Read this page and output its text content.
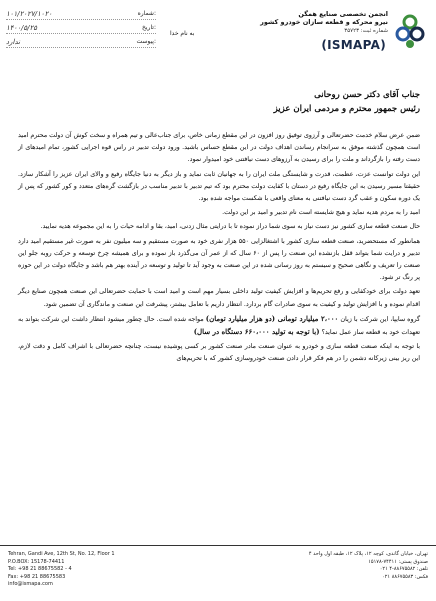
۱۰۱/۲۰۲۷/۱۰۲۰	شماره:
۱۴۰۰/۵/۲۵	تاریخ:
ندارد	پیوست:
به نام خدا
انجمن تخصصی صنایع همگن
نیرو محرکه و قطعه سازان خودرو کشور
شماره ثبت: ۳۵۷۲۳
(ISMAPA)
جناب آقای دکتر حسن روحانی
رئیس جمهور محترم و مردمی ایران عزیز

ضمن عرض سلام خدمت حضرتعالی و آرزوی توفیق روز افزون در این مقطع زمانی خاص، برای جناب‌عالی و تیم همراه و سخت کوش آن دولت محترم امید است همچون گذشته موفق به سرانجام رساندن اهداف دولت در این مقطع حساس باشید. ورود دولت تدبیر در راس قوه اجرایی کشور، تمام امیدهای از دست رفته را بازگرداند و ملت را برای رسیدن به آرزوهای دست نیافتنی خود امیدوار نمود.

این دولت توانست عزت، عظمت، قدرت و شایستگی ملت ایران را به جهانیان ثابت نماید و باز دیگر به دنیا جایگاه رفیع و والای ایران عزیز را آشکار سازد. حقیقتا مسیر رسیدن به این جایگاه رفیع در دستان با کفایت دولت محترم بود که تیم تدبیر با تدبیر مناسب در بازگشت گره‌های متعدد و کور کشور که پس از یک دوره سکون و عقب گرد دست نیافتنی به معنای واقعی با شکست مواجه شده بود.

امید را به مردم هدیه نماید و هیچ شایسته است نام تدبیر و امید بر این دولت.

حال صنعت قطعه سازی کشور نیز دست نیاز به سوی شما دراز نموده تا با درایتی مثال زدنی، امید، بقا و ادامه حیات را به این مجموعه هدیه نمایید.

همانطور که مستحضرید، صنعت قطعه سازی کشور با اشتغالزایی ۵۵۰ هزار نفری خود به صورت مستقیم و سه میلیون نفر به صورت غیر مستقیم امید دارد تدبیر و درایت شما بتواند قفل بازنشده این صنعت را پس از ۶۰ سال که از عمر آن می‌گذرد باز نموده و برای همیشه چرخ توسعه و حرکت روبه جلو این صنعت را تعریف و نگاهی صحیح و سیستم به روز رسانی شده در این صنعت به وجود آید تا تولید و توسعه در آینده بهتر هم باشد و جایگاه دولت در این حوزه پر رنگ تر شود.

تعهد دولت برای خودکفایی و رفع تحریم‌ها و افزایش کیفیت تولید داخلی بسیار مهم است و امید است با حمایت حضرتعالی این صنعت همچون صنایع دیگر اقدام نموده و با افزایش تولید و کیفیت به سوی صادرات گام بردارد. انتظار داریم با تعامل بیشتر، پیشرفت این صنعت و ماندگاری آن تضمین شود.

گروه سایپا، این شرکت با زیان ۲،۰۰۰ میلیارد تومانی (دو هزار میلیارد تومان) مواجه شده است. حال چطور میشود انتظار داشت این شرکت بتواند به تعهدات خود به قطعه ساز عمل نماید؟ (با توجه به تولید ۶۶۰،۰۰۰ دستگاه در سال)

با توجه به اینکه صنعت قطعه سازی و خودرو به عنوان صنعت مادر صنعت کشور بر کسی پوشیده نیست، چنانچه حضرتعالی با اشراف کامل و دقت لازم، این ریز بینی زیرکانه دشمن را در هم فکر قرار دادن صنعت خودروسازی کشور که با تحریم‌های

Tehran, Gandi Ave, 12th St, No. 12, Floor 1
P.O.BOX: 15178-74411
Tel: +98 21 88675582 - 4
Fax: +98 21 88675583
info@ismapa.com
تهران، خیابان گاندی، کوچه ۱۲، پلاک ۱۲، طبقه اول واحد ۴
صندوق پستی: ۷۴۴۱۱-۱۵۱۷۸
تلفن: ۸۸۶۷۵۵۸۲-۴ ۰۲۱
فکس: ۸۸۶۷۵۵۸۳ ۰۲۱
